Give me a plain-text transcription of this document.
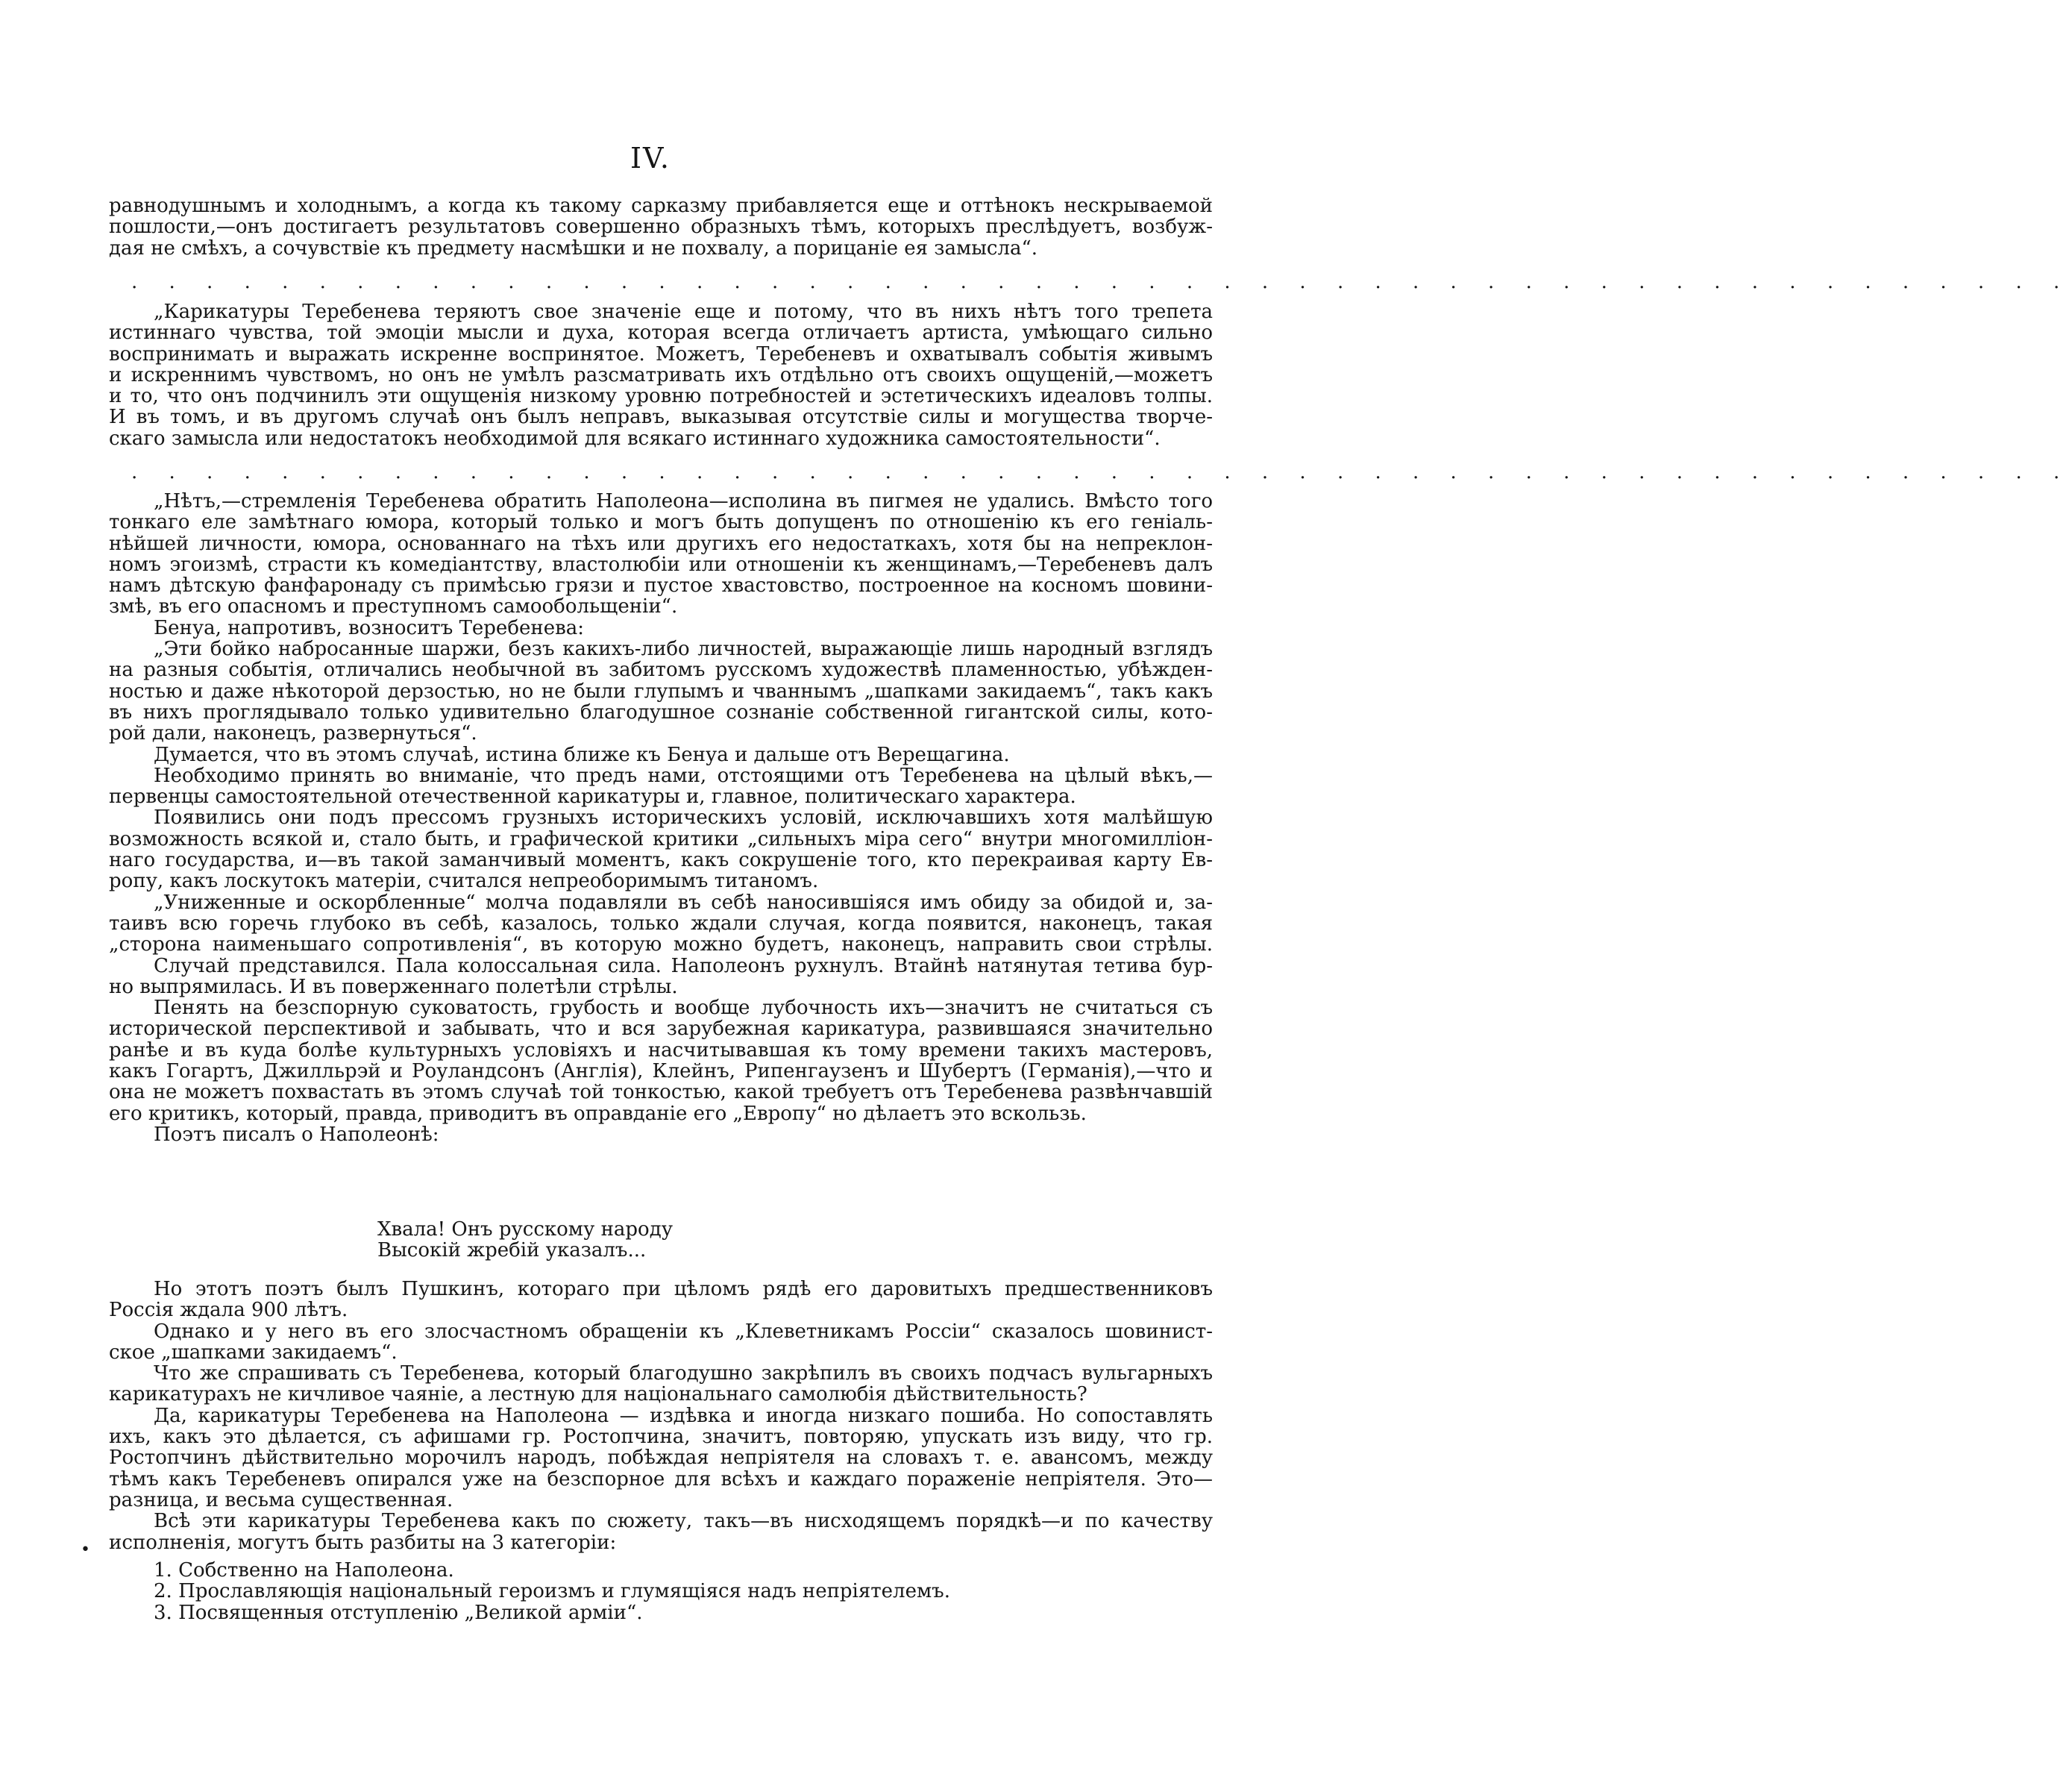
IV.
равнодушнымъ и холоднымъ, а когда къ такому сарказму прибавляется еще и оттѣнокъ нескрываемой
пошлости,—онъ достигаетъ результатовъ совершенно образныхъ тѣмъ, которыхъ преслѣдуетъ, возбуж-
дая не смѣхъ, а сочувствіе къ предмету насмѣшки и не похвалу, а порицаніе ея замысла“.
. . . . . . . . . . . . . . . . . . . . . . . . . . . . . . . . . . . . . . . . . . . . . . . . . . . .
„Карикатуры Теребенева теряютъ свое значеніе еще и потому, что въ нихъ нѣтъ того трепета
истиннаго чувства, той эмоціи мысли и духа, которая всегда отличаетъ артиста, умѣющаго сильно
воспринимать и выражать искренне воспринятое. Можетъ, Теребеневъ и охватывалъ событія живымъ
и искреннимъ чувствомъ, но онъ не умѣлъ разсматривать ихъ отдѣльно отъ своихъ ощущеній,—можетъ
и то, что онъ подчинилъ эти ощущенія низкому уровню потребностей и эстетическихъ идеаловъ толпы.
И въ томъ, и въ другомъ случаѣ онъ былъ неправъ, выказывая отсутствіе силы и могущества творче-
скаго замысла или недостатокъ необходимой для всякаго истиннаго художника самостоятельности“.
. . . . . . . . . . . . . . . . . . . . . . . . . . . . . . . . . . . . . . . . . . . . . . . . . . . .
„Нѣтъ,—стремленія Теребенева обратить Наполеона—исполина въ пигмея не удались. Вмѣсто того
тонкаго еле замѣтнаго юмора, который только и могъ быть допущенъ по отношенію къ его геніаль-
нѣйшей личности, юмора, основаннаго на тѣхъ или другихъ его недостаткахъ, хотя бы на непреклон-
номъ эгоизмѣ, страсти къ комедіантству, властолюбіи или отношеніи къ женщинамъ,—Теребеневъ далъ
намъ дѣтскую фанфаронаду съ примѣсью грязи и пустое хвастовство, построенное на косномъ шовини-
змѣ, въ его опасномъ и преступномъ самообольщеніи“.
Бенуа, напротивъ, возноситъ Теребенева:
„Эти бойко набросанные шаржи, безъ какихъ-либо личностей, выражающіе лишь народный взглядъ
на разныя событія, отличались необычной въ забитомъ русскомъ художествѣ пламенностью, убѣжден-
ностью и даже нѣкоторой дерзостью, но не были глупымъ и чваннымъ „шапками закидаемъ“, такъ какъ
въ нихъ проглядывало только удивительно благодушное сознаніе собственной гигантской силы, кото-
рой дали, наконецъ, развернуться“.
Думается, что въ этомъ случаѣ, истина ближе къ Бенуа и дальше отъ Верещагина.
Необходимо принять во вниманіе, что предъ нами, отстоящими отъ Теребенева на цѣлый вѣкъ,—
первенцы самостоятельной отечественной карикатуры и, главное, политическаго характера.
Появились они подъ прессомъ грузныхъ историческихъ условій, исключавшихъ хотя малѣйшую
возможность всякой и, стало быть, и графической критики „сильныхъ міра сего“ внутри многомиллiон-
наго государства, и—въ такой заманчивый моментъ, какъ сокрушеніе того, кто перекраивая карту Ев-
ропу, какъ лоскутокъ матеріи, считался непреоборимымъ титаномъ.
„Униженные и оскорбленные“ молча подавляли въ себѣ наносившіяся имъ обиду за обидой и, за-
таивъ всю горечь глубоко въ себѣ, казалось, только ждали случая, когда появится, наконецъ, такая
„сторона наименьшаго сопротивленія“, въ которую можно будетъ, наконецъ, направить свои стрѣлы.
Случай представился. Пала колоссальная сила. Наполеонъ рухнулъ. Втайнѣ натянутая тетива бур-
но выпрямилась. И въ поверженнаго полетѣли стрѣлы.
Пенять на безспорную суковатость, грубость и вообще лубочность ихъ—значитъ не считаться съ
исторической перспективой и забывать, что и вся зарубежная карикатура, развившаяся значительно
ранѣе и въ куда болѣе культурныхъ условіяхъ и насчитывавшая къ тому времени такихъ мастеровъ,
какъ Гогартъ, Джилльрэй и Роуландсонъ (Англія), Клейнъ, Рипенгаузенъ и Шубертъ (Германія),—что и
она не можетъ похвастать въ этомъ случаѣ той тонкостью, какой требуетъ отъ Теребенева развѣнчавшій
его критикъ, который, правда, приводитъ въ оправданіе его „Европу“ но дѣлаетъ это вскользь.
Поэтъ писалъ о Наполеонѣ:
Хвала! Онъ русскому народу
Высокій жребій указалъ...
Но этотъ поэтъ былъ Пушкинъ, котораго при цѣломъ рядѣ его даровитыхъ предшественниковъ
Россія ждала 900 лѣтъ.
Однако и у него въ его злосчастномъ обращеніи къ „Клеветникамъ Россіи“ сказалось шовинист-
ское „шапками закидаемъ“.
Что же спрашивать съ Теребенева, который благодушно закрѣпилъ въ своихъ подчасъ вульгарныхъ
карикатурахъ не кичливое чаяніе, а лестную для національнаго самолюбія дѣйствительность?
Да, карикатуры Теребенева на Наполеона — издѣвка и иногда низкаго пошиба. Но сопоставлять
ихъ, какъ это дѣлается, съ афишами гр. Ростопчина, значитъ, повторяю, упускать изъ виду, что гр.
Ростопчинъ дѣйствительно морочилъ народъ, побѣждая непріятеля на словахъ т. е. авансомъ, между
тѣмъ какъ Теребеневъ опирался уже на безспорное для всѣхъ и каждаго пораженіе непріятеля. Это—
разница, и весьма существенная.
Всѣ эти карикатуры Теребенева какъ по сюжету, такъ—въ нисходящемъ порядкѣ—и по качеству
исполненія, могутъ быть разбиты на 3 категоріи:
1. Собственно на Наполеона.
2. Прославляющія національный героизмъ и глумящіяся надъ непріятелемъ.
3. Посвященныя отступленію „Великой арміи“.
•
